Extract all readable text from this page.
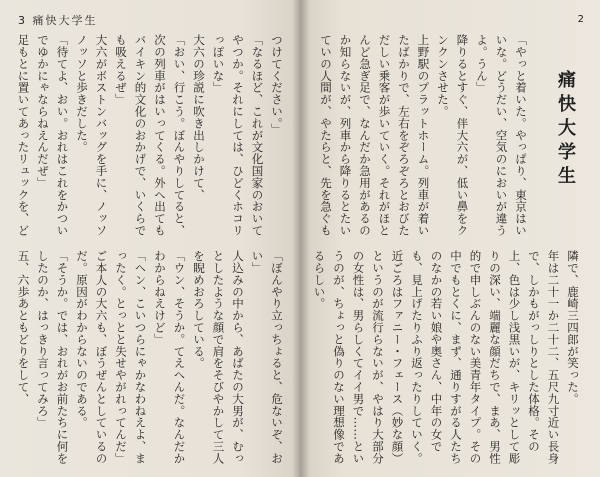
3 痛快大学生

つけてください。」

「なるほど、これが文化国家のおいてやつか。それにしては、ひどくホコリっぽいな」

大六の珍説に吹き出しかけて、

「おい、行こう。ぼんやりしてると、次の列車がはいってくる。外へ出てもバイキン的文化のおかげで、いくらでも吸えるぜ」

大六がボストンバッグを手に、ノッソノッソと歩きだした。

「待てよ、おい。おれはこれをかついでゆかにゃならねえんだぜ」

足もとに置いてあったリュックを、ど

「ぼんやり立っちょると、危ないぞ、おい」

人込みの中から、あばたの大男が、むっとしたような顔で肩をそびやかして三人を睨めおろしている。

「ウン、そうか。てえへんだ。なんだかわからねえけど」

「ヘン、こいつらにゃかなわねえよ、まったく。とっとと失せやがれってんだ」

ご本人の大六も、ぼうぜんとしているのだ。原因がわからないのである。

「そうか。では、おれがお前たちに何をしたのか、はっきり言ってみろ」

五、六歩あともどりをして、

2
痛快大学生

「やっと着いた。やっぱり、東京はいいな。どうだい、空気のにおいが違うよ。うん」

降りるとすぐ、伴大六が、低い鼻をクンクンさせた。

上野駅のプラットホーム。列車が着いたばかりで、左右をぞろぞろとおびただしい乗客が歩いていく。それがほとんど急ぎ足で、なんだか急用があるのか知らないが、列車から降りるとたいていの人間が、やたらと、先を急ぐも

隣で、鹿崎三四郎が笑った。

年は二十一か二十二、五尺九寸近い長身で、しかもがっしりとした体格。その上、色は少し浅黒いが、キリッとして彫りの深い、端麗な顔だちで、まあ、男性的で申しぶんのない美青年タイプ。その中でもとくに、まず、通りすがる人たちのなかの若い娘や奥さん、中年の女でも、見上げたりふり返ったりしていく。近ごろはファニー・フェース（妙な顔）というのが流行らないが、やはり大部分の女性は、男らしくてイイ男で……というのが、ちょっと偽りのない理想像であるらしい。
